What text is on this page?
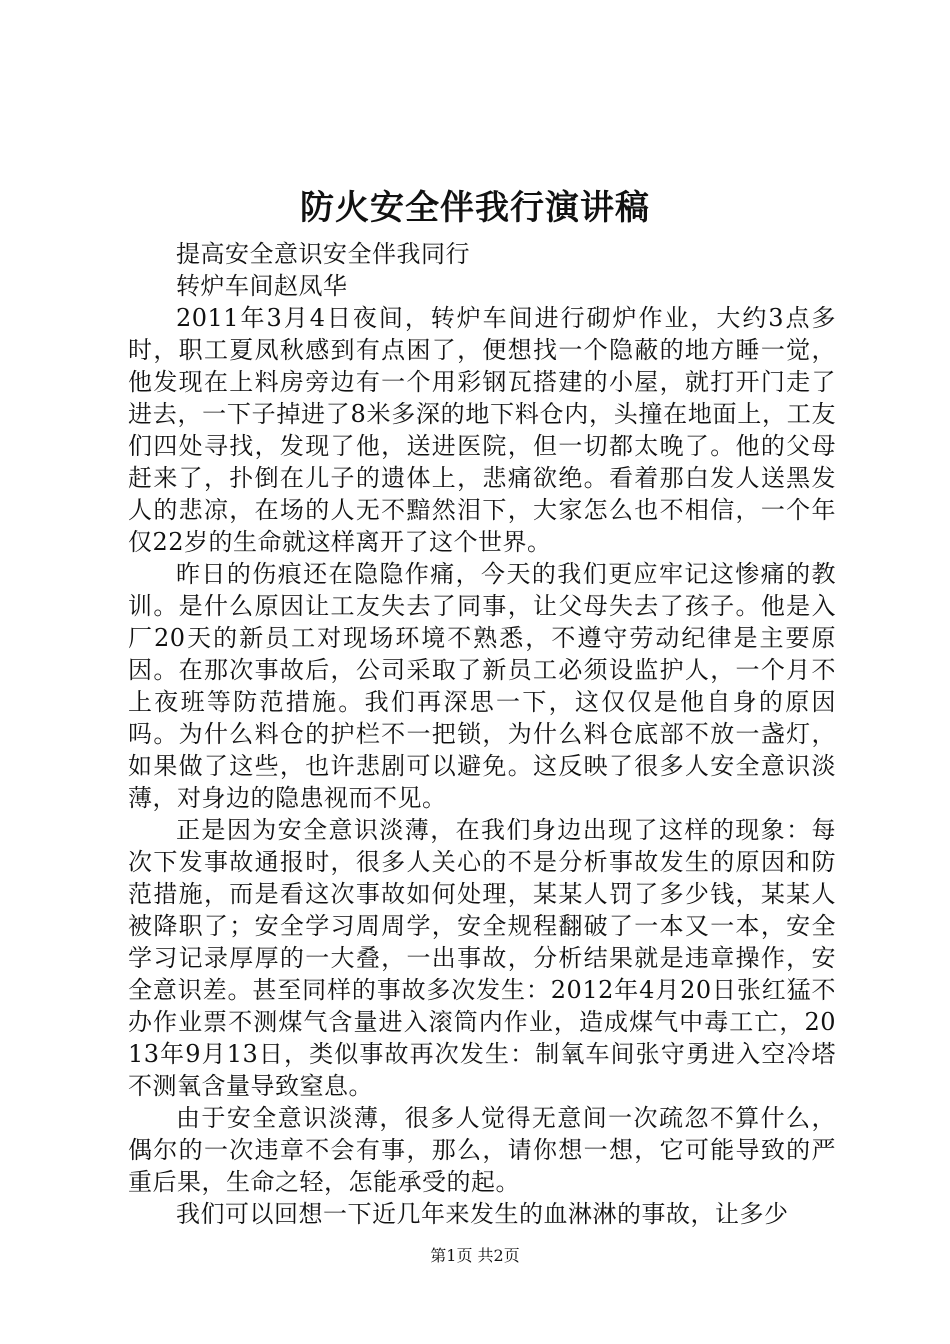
防火安全伴我行演讲稿

提高安全意识安全伴我同行

转炉车间赵凤华

2011年3月4日夜间，转炉车间进行砌炉作业，大约3点多时，职工夏凤秋感到有点困了，便想找一个隐蔽的地方睡一觉，他发现在上料房旁边有一个用彩钢瓦搭建的小屋，就打开门走了进去，一下子掉进了8米多深的地下料仓内，头撞在地面上，工友们四处寻找，发现了他，送进医院，但一切都太晚了。他的父母赶来了，扑倒在儿子的遗体上，悲痛欲绝。看着那白发人送黑发人的悲凉，在场的人无不黯然泪下，大家怎么也不相信，一个年仅22岁的生命就这样离开了这个世界。

昨日的伤痕还在隐隐作痛，今天的我们更应牢记这惨痛的教训。是什么原因让工友失去了同事，让父母失去了孩子。他是入厂20天的新员工对现场环境不熟悉，不遵守劳动纪律是主要原因。在那次事故后，公司采取了新员工必须设监护人，一个月不上夜班等防范措施。我们再深思一下，这仅仅是他自身的原因吗。为什么料仓的护栏不一把锁，为什么料仓底部不放一盏灯，如果做了这些，也许悲剧可以避免。这反映了很多人安全意识淡薄，对身边的隐患视而不见。

正是因为安全意识淡薄，在我们身边出现了这样的现象：每次下发事故通报时，很多人关心的不是分析事故发生的原因和防范措施，而是看这次事故如何处理，某某人罚了多少钱，某某人被降职了；安全学习周周学，安全规程翻破了一本又一本，安全学习记录厚厚的一大叠，一出事故，分析结果就是违章操作，安全意识差。甚至同样的事故多次发生：2012年4月20日张红猛不办作业票不测煤气含量进入滚筒内作业，造成煤气中毒工亡，2013年9月13日，类似事故再次发生：制氧车间张守勇进入空冷塔不测氧含量导致窒息。

由于安全意识淡薄，很多人觉得无意间一次疏忽不算什么，偶尔的一次违章不会有事，那么，请你想一想，它可能导致的严重后果，生命之轻，怎能承受的起。

我们可以回想一下近几年来发生的血淋淋的事故，让多少

第1页 共2页
